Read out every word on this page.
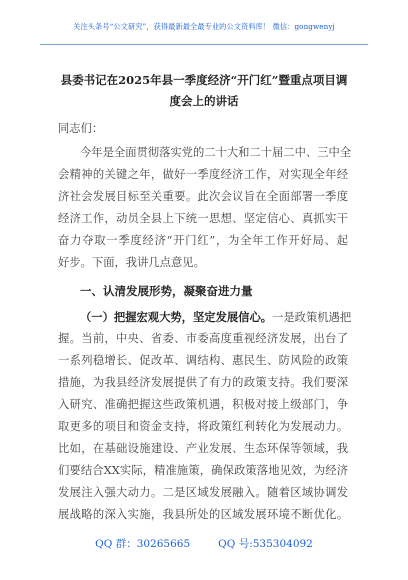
关注头条号“公文研究”，获得最新最全最专业的公文资料库！ 微信：gongwenyj
县委书记在2025年县一季度经济“开门红”暨重点项目调
度会上的讲话
同志们：
今年是全面贯彻落实党的二十大和二十届二中、三中全
会精神的关键之年，做好一季度经济工作，对实现全年经
济社会发展目标至关重要。此次会议旨在全面部署一季度
经济工作，动员全县上下统一思想、坚定信心、真抓实干
奋力夺取一季度经济“开门红”，为全年工作开好局、起
好步。下面，我讲几点意见。
一、认清发展形势，凝聚奋进力量
（一）把握宏观大势，坚定发展信心。一是政策机遇把
握。当前，中央、省委、市委高度重视经济发展，出台了
一系列稳增长、促改革、调结构、惠民生、防风险的政策
措施，为我县经济发展提供了有力的政策支持。我们要深
入研究、准确把握这些政策机遇，积极对接上级部门，争
取更多的项目和资金支持，将政策红利转化为发展动力。
比如，在基础设施建设、产业发展、生态环保等领域，我
们要结合XX实际，精准施策，确保政策落地见效，为经济
发展注入强大动力。二是区域发展融入。随着区域协调发
展战略的深入实施，我县所处的区域发展环境不断优化。
QQ 群：30265665	QQ 号:535304092
